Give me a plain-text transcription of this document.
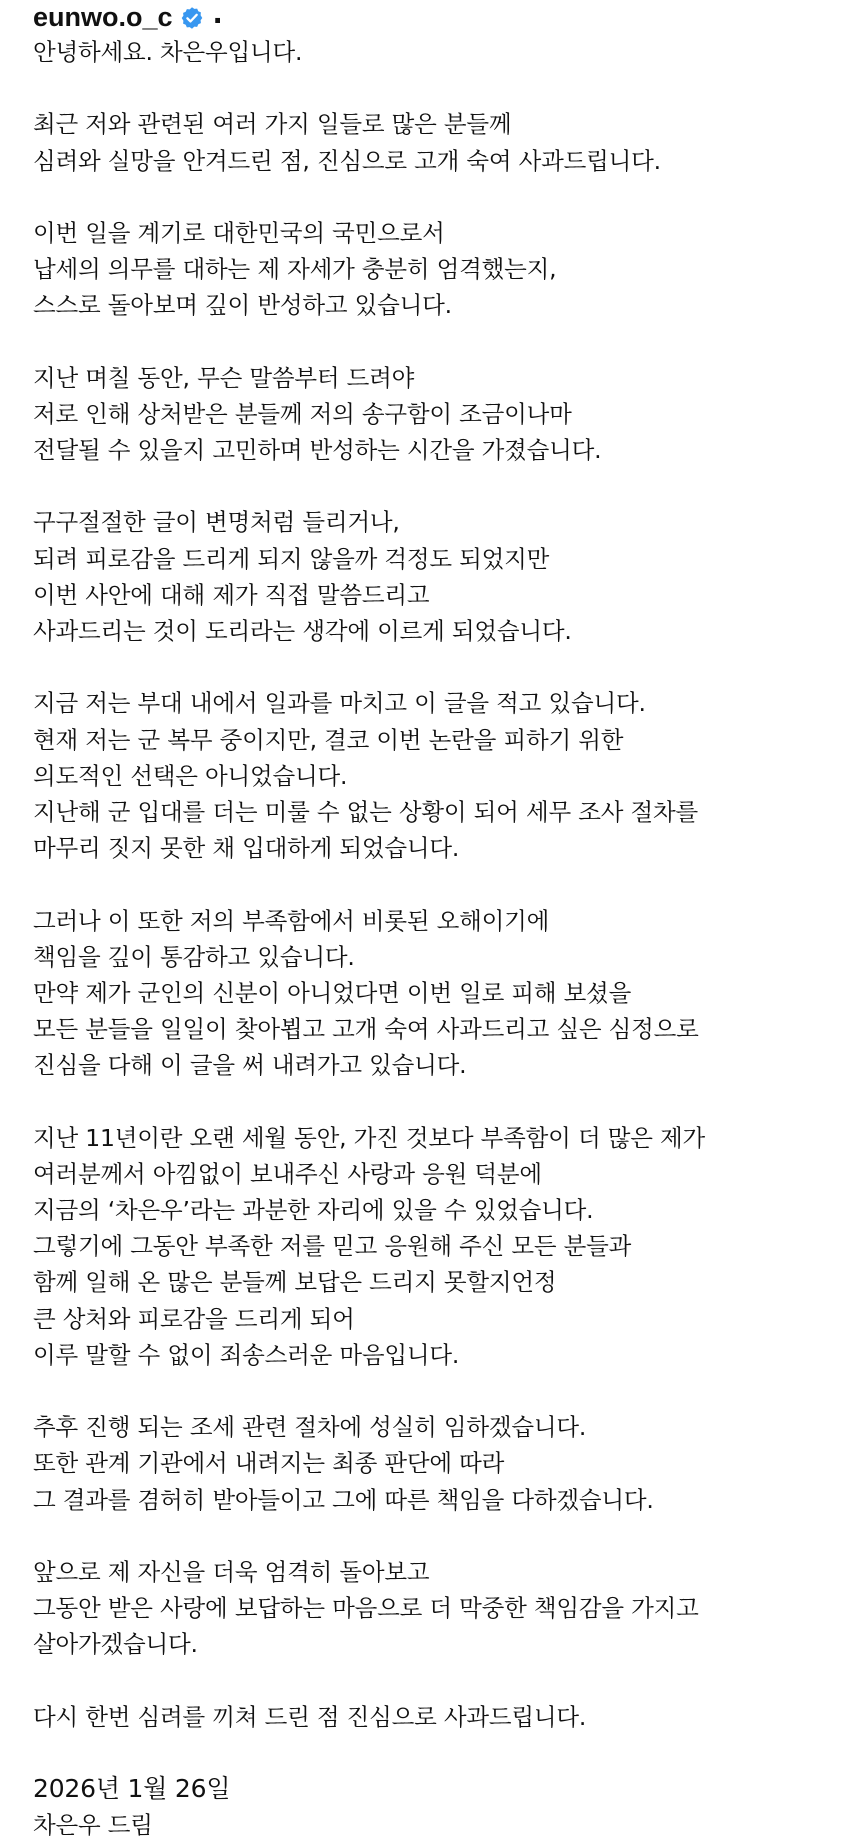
eunwo.o_c .
안녕하세요. 차은우입니다.
최근 저와 관련된 여러 가지 일들로 많은 분들께
심려와 실망을 안겨드린 점, 진심으로 고개 숙여 사과드립니다.
이번 일을 계기로 대한민국의 국민으로서
납세의 의무를 대하는 제 자세가 충분히 엄격했는지,
스스로 돌아보며 깊이 반성하고 있습니다.
지난 며칠 동안, 무슨 말씀부터 드려야
저로 인해 상처받은 분들께 저의 송구함이 조금이나마
전달될 수 있을지 고민하며 반성하는 시간을 가졌습니다.
구구절절한 글이 변명처럼 들리거나,
되려 피로감을 드리게 되지 않을까 걱정도 되었지만
이번 사안에 대해 제가 직접 말씀드리고
사과드리는 것이 도리라는 생각에 이르게 되었습니다.
지금 저는 부대 내에서 일과를 마치고 이 글을 적고 있습니다.
현재 저는 군 복무 중이지만, 결코 이번 논란을 피하기 위한
의도적인 선택은 아니었습니다.
지난해 군 입대를 더는 미룰 수 없는 상황이 되어 세무 조사 절차를
마무리 짓지 못한 채 입대하게 되었습니다.
그러나 이 또한 저의 부족함에서 비롯된 오해이기에
책임을 깊이 통감하고 있습니다.
만약 제가 군인의 신분이 아니었다면 이번 일로 피해 보셨을
모든 분들을 일일이 찾아뵙고 고개 숙여 사과드리고 싶은 심정으로
진심을 다해 이 글을 써 내려가고 있습니다.
지난 11년이란 오랜 세월 동안, 가진 것보다 부족함이 더 많은 제가
여러분께서 아낌없이 보내주신 사랑과 응원 덕분에
지금의 ‘차은우’라는 과분한 자리에 있을 수 있었습니다.
그렇기에 그동안 부족한 저를 믿고 응원해 주신 모든 분들과
함께 일해 온 많은 분들께 보답은 드리지 못할지언정
큰 상처와 피로감을 드리게 되어
이루 말할 수 없이 죄송스러운 마음입니다.
추후 진행 되는 조세 관련 절차에 성실히 임하겠습니다.
또한 관계 기관에서 내려지는 최종 판단에 따라
그 결과를 겸허히 받아들이고 그에 따른 책임을 다하겠습니다.
앞으로 제 자신을 더욱 엄격히 돌아보고
그동안 받은 사랑에 보답하는 마음으로 더 막중한 책임감을 가지고
살아가겠습니다.
다시 한번 심려를 끼쳐 드린 점 진심으로 사과드립니다.
2026년 1월 26일
차은우 드림
